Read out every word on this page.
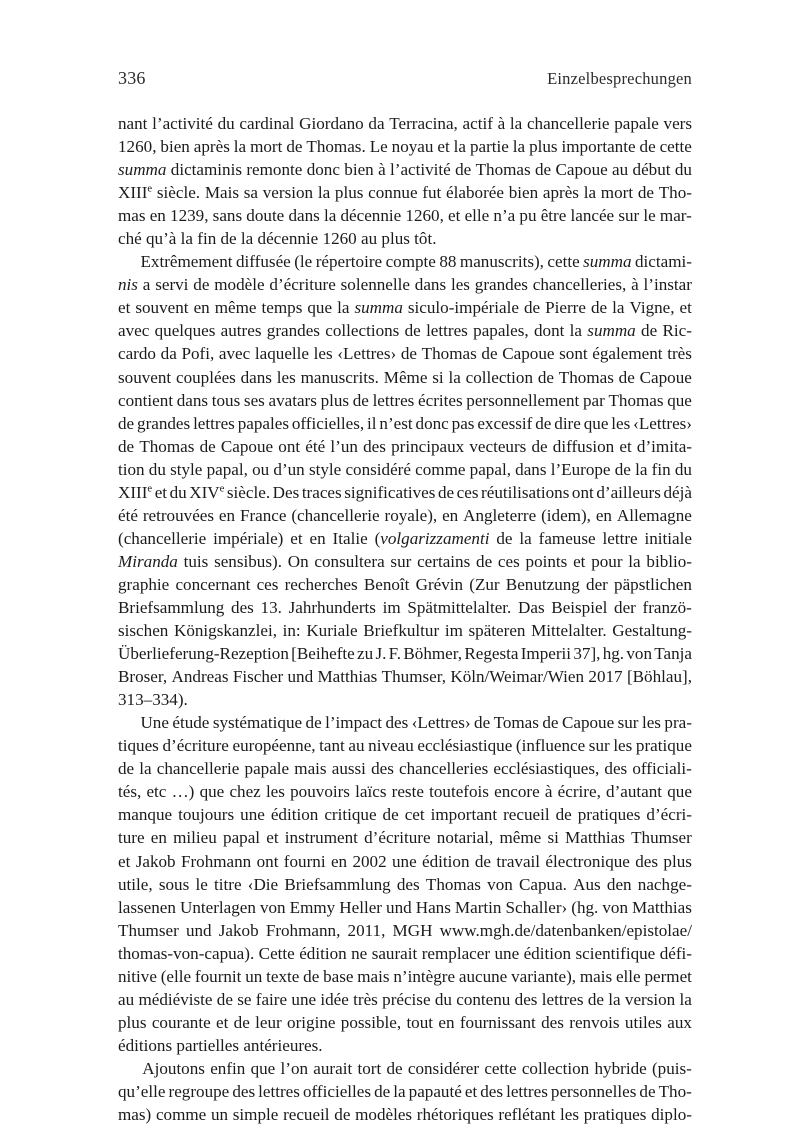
336	Einzelbesprechungen
nant l’activité du cardinal Giordano da Terracina, actif à la chancellerie papale vers
1260, bien après la mort de Thomas. Le noyau et la partie la plus importante de cette
summa dictaminis remonte donc bien à l’activité de Thomas de Capoue au début du
XIIIe siècle. Mais sa version la plus connue fut élaborée bien après la mort de Tho-
mas en 1239, sans doute dans la décennie 1260, et elle n’a pu être lancée sur le mar-
ché qu’à la fin de la décennie 1260 au plus tôt.
Extrêmement diffusée (le répertoire compte 88 manuscrits), cette summa dictami-
nis a servi de modèle d’écriture solennelle dans les grandes chancelleries, à l’instar
et souvent en même temps que la summa siculo-impériale de Pierre de la Vigne, et
avec quelques autres grandes collections de lettres papales, dont la summa de Ric-
cardo da Pofi, avec laquelle les ‹Lettres› de Thomas de Capoue sont également très
souvent couplées dans les manuscrits. Même si la collection de Thomas de Capoue
contient dans tous ses avatars plus de lettres écrites personnellement par Thomas que
de grandes lettres papales officielles, il n’est donc pas excessif de dire que les ‹Lettres›
de Thomas de Capoue ont été l’un des principaux vecteurs de diffusion et d’imita-
tion du style papal, ou d’un style considéré comme papal, dans l’Europe de la fin du
XIIIe et du XIVe siècle. Des traces significatives de ces réutilisations ont d’ailleurs déjà
été retrouvées en France (chancellerie royale), en Angleterre (idem), en Allemagne
(chancellerie impériale) et en Italie (volgarizzamenti de la fameuse lettre initiale
Miranda tuis sensibus). On consultera sur certains de ces points et pour la biblio-
graphie concernant ces recherches Benoît Grévin (Zur Benutzung der päpstlichen
Briefsammlung des 13. Jahrhunderts im Spätmittelalter. Das Beispiel der franzö-
sischen Königskanzlei, in: Kuriale Briefkultur im späteren Mittelalter. Gestaltung-
Überlieferung-Rezeption [Beihefte zu J. F. Böhmer, Regesta Imperii 37], hg. von Tanja
Broser, Andreas Fischer und Matthias Thumser, Köln/Weimar/Wien 2017 [Böhlau],
313–334).
Une étude systématique de l’impact des ‹Lettres› de Tomas de Capoue sur les pra-
tiques d’écriture européenne, tant au niveau ecclésiastique (influence sur les pratique
de la chancellerie papale mais aussi des chancelleries ecclésiastiques, des officiali-
tés, etc …) que chez les pouvoirs laïcs reste toutefois encore à écrire, d’autant que
manque toujours une édition critique de cet important recueil de pratiques d’écri-
ture en milieu papal et instrument d’écriture notarial, même si Matthias Thumser
et Jakob Frohmann ont fourni en 2002 une édition de travail électronique des plus
utile, sous le titre ‹Die Briefsammlung des Thomas von Capua. Aus den nachge-
lassenen Unterlagen von Emmy Heller und Hans Martin Schaller› (hg. von Matthias
Thumser und Jakob Frohmann, 2011, MGH www.mgh.de/datenbanken/epistolae/
thomas-von-capua). Cette édition ne saurait remplacer une édition scientifique défi-
nitive (elle fournit un texte de base mais n’intègre aucune variante), mais elle permet
au médiéviste de se faire une idée très précise du contenu des lettres de la version la
plus courante et de leur origine possible, tout en fournissant des renvois utiles aux
éditions partielles antérieures.
Ajoutons enfin que l’on aurait tort de considérer cette collection hybride (puis-
qu’elle regroupe des lettres officielles de la papauté et des lettres personnelles de Tho-
mas) comme un simple recueil de modèles rhétoriques reflétant les pratiques diplo-
